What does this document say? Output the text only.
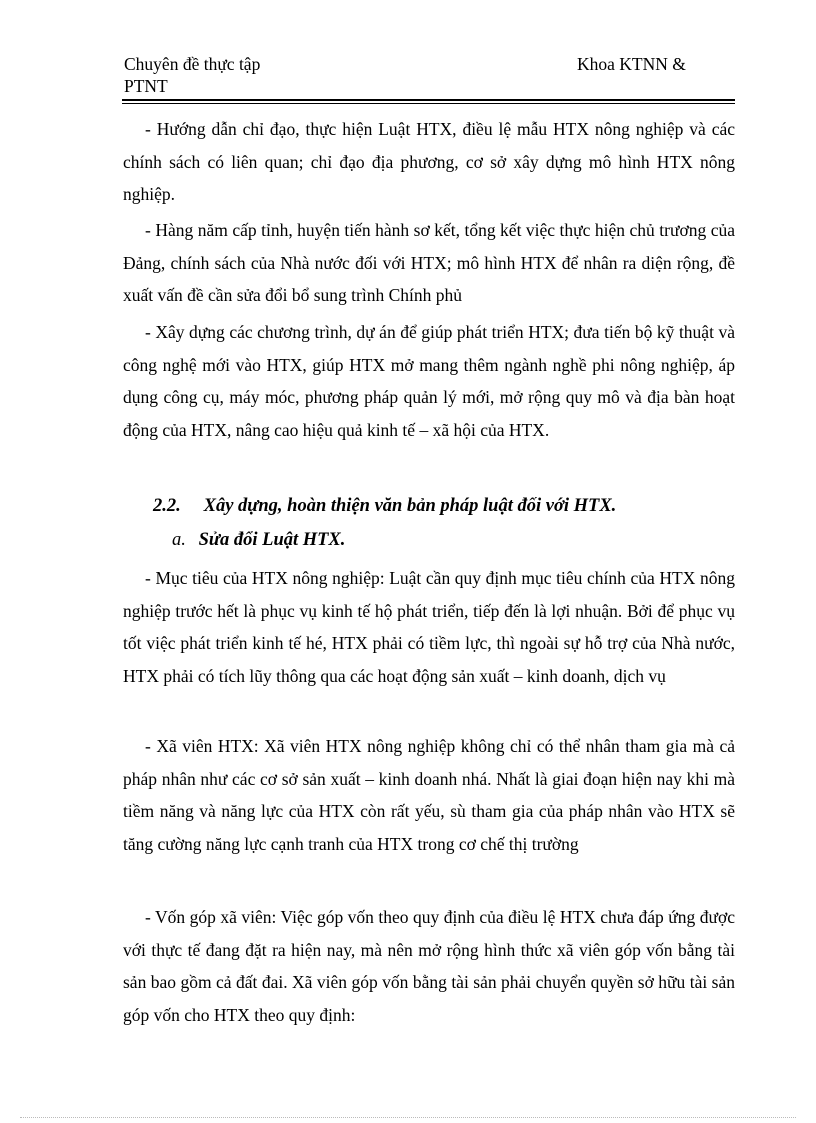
Chuyên đề thực tập
PTNT
Khoa KTNN &

- Hướng dẫn chỉ đạo, thực hiện Luật HTX, điều lệ mẫu HTX nông nghiệp và các chính sách có liên quan; chỉ đạo địa phương, cơ sở xây dựng mô hình HTX nông nghiệp.

- Hàng năm cấp tỉnh, huyện tiến hành sơ kết, tổng kết việc thực hiện chủ trương của Đảng, chính sách của Nhà nước đối với HTX; mô hình HTX để nhân ra diện rộng, đề xuất vấn đề cần sửa đổi bổ sung trình Chính phủ

- Xây dựng các chương trình, dự án để giúp phát triển HTX; đưa tiến bộ kỹ thuật và công nghệ mới vào HTX, giúp HTX mở mang thêm ngành nghề phi nông nghiệp, áp dụng công cụ, máy móc, phương pháp quản lý mới, mở rộng quy mô và địa bàn hoạt động của HTX, nâng cao hiệu quả kinh tế – xã hội của HTX.

2.2. Xây dựng, hoàn thiện văn bản pháp luật đối với HTX.
a. Sửa đổi Luật HTX.

- Mục tiêu của HTX nông nghiệp: Luật cần quy định mục tiêu chính của HTX nông nghiệp trước hết là phục vụ kinh tế hộ phát triển, tiếp đến là lợi nhuận. Bởi để phục vụ tốt việc phát triển kinh tế hé, HTX phải có tiềm lực, thì ngoài sự hỗ trợ của Nhà nước, HTX phải có tích lũy thông qua các hoạt động sản xuất – kinh doanh, dịch vụ

- Xã viên HTX: Xã viên HTX nông nghiệp không chỉ có thể nhân tham gia mà cả pháp nhân như các cơ sở sản xuất – kinh doanh nhá. Nhất là giai đoạn hiện nay khi mà tiềm năng và năng lực của HTX còn rất yếu, sù tham gia của pháp nhân vào HTX sẽ tăng cường năng lực cạnh tranh của HTX trong cơ chế thị trường

- Vốn góp xã viên: Việc góp vốn theo quy định của điều lệ HTX chưa đáp ứng được với thực tế đang đặt ra hiện nay, mà nên mở rộng hình thức xã viên góp vốn bằng tài sản bao gồm cả đất đai. Xã viên góp vốn bằng tài sản phải chuyển quyền sở hữu tài sản góp vốn cho HTX theo quy định:
